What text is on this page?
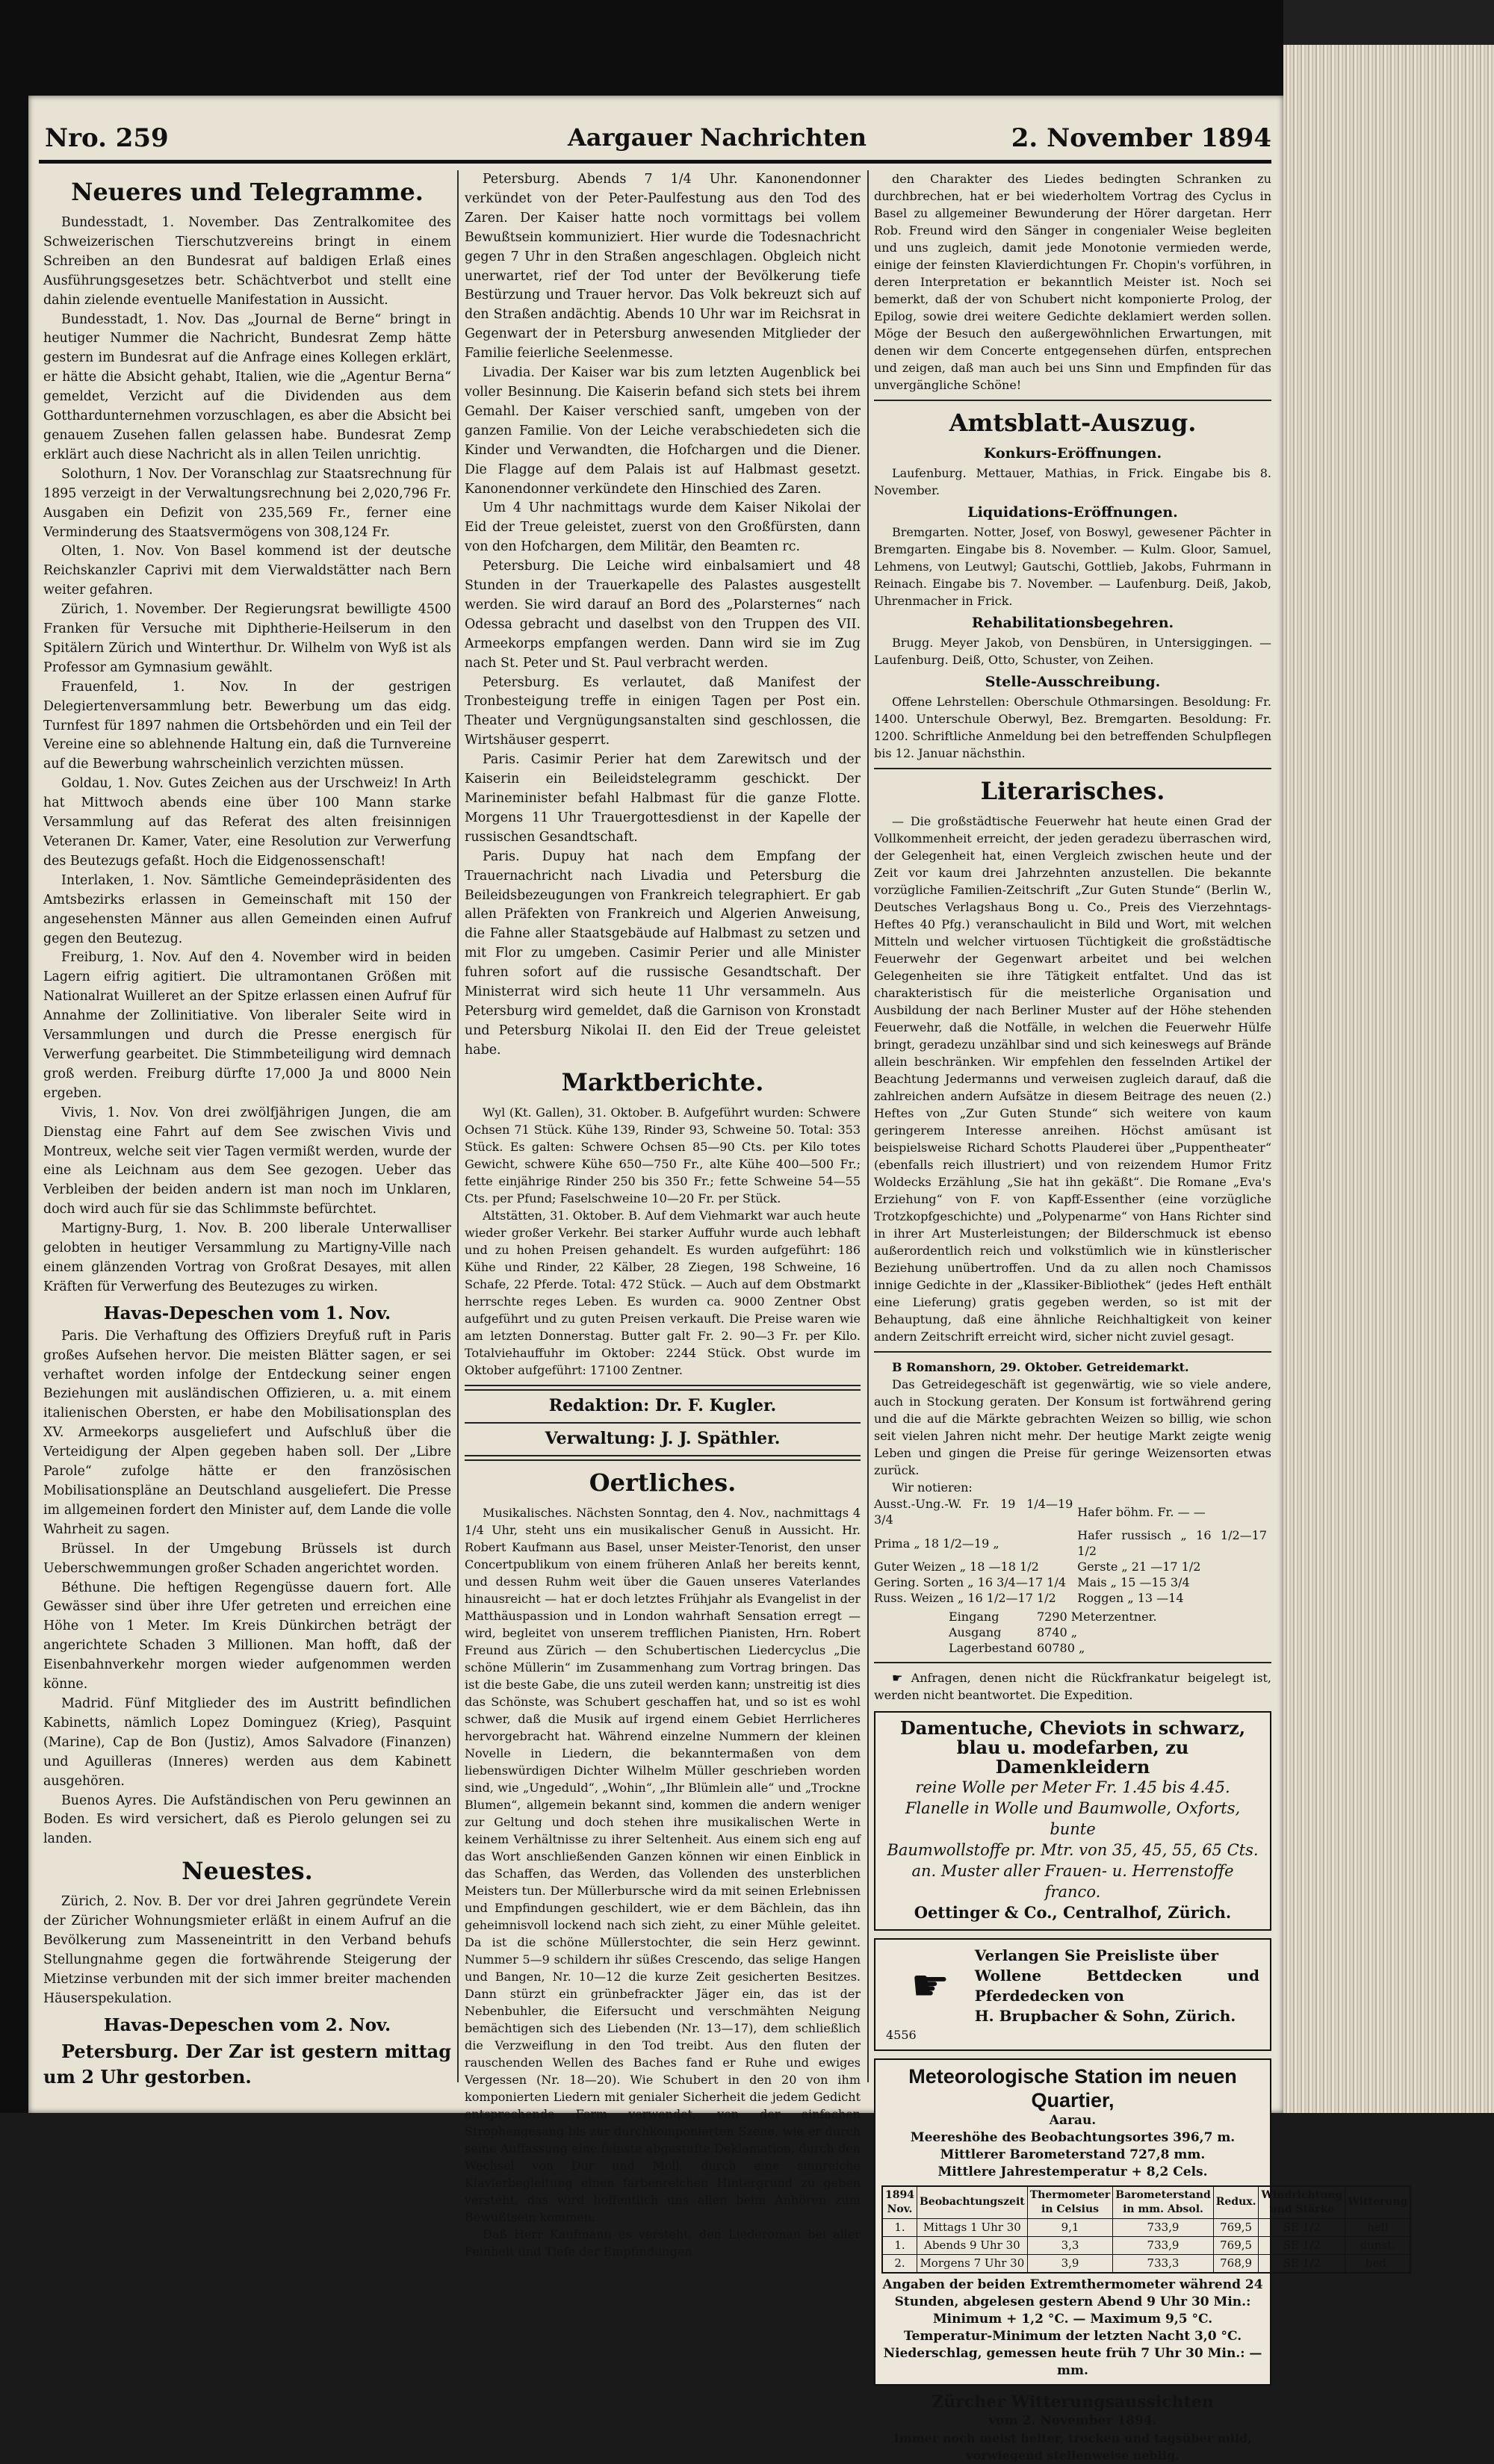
Nro. 259	Aargauer Nachrichten	2. November 1894
Neueres und Telegramme.

Bundesstadt, 1. November. Das Zentralkomitee des Schweizerischen Tierschutzvereins bringt in einem Schreiben an den Bundesrat auf baldigen Erlaß eines Ausführungsgesetzes betr. Schächtverbot und stellt eine dahin zielende eventuelle Manifestation in Aussicht.

Bundesstadt, 1. Nov. Das „Journal de Berne“ bringt in heutiger Nummer die Nachricht, Bundesrat Zemp hätte gestern im Bundesrat auf die Anfrage eines Kollegen erklärt, er hätte die Absicht gehabt, Italien, wie die „Agentur Berna“ gemeldet, Verzicht auf die Dividenden aus dem Gotthardunternehmen vorzuschlagen, es aber die Absicht bei genauem Zusehen fallen gelassen habe. Bundesrat Zemp erklärt auch diese Nachricht als in allen Teilen unrichtig.

Solothurn, 1 Nov. Der Voranschlag zur Staatsrechnung für 1895 verzeigt in der Verwaltungsrechnung bei 2,020,796 Fr. Ausgaben ein Defizit von 235,569 Fr., ferner eine Verminderung des Staatsvermögens von 308,124 Fr.

Olten, 1. Nov. Von Basel kommend ist der deutsche Reichskanzler Caprivi mit dem Vierwaldstätter nach Bern weiter gefahren.

Zürich, 1. November. Der Regierungsrat bewilligte 4500 Franken für Versuche mit Diphtherie-Heilserum in den Spitälern Zürich und Winterthur. Dr. Wilhelm von Wyß ist als Professor am Gymnasium gewählt.

Frauenfeld, 1. Nov. In der gestrigen Delegiertenversammlung betr. Bewerbung um das eidg. Turnfest für 1897 nahmen die Ortsbehörden und ein Teil der Vereine eine so ablehnende Haltung ein, daß die Turnvereine auf die Bewerbung wahrscheinlich verzichten müssen.

Goldau, 1. Nov. Gutes Zeichen aus der Urschweiz! In Arth hat Mittwoch abends eine über 100 Mann starke Versammlung auf das Referat des alten freisinnigen Veteranen Dr. Kamer, Vater, eine Resolution zur Verwerfung des Beutezugs gefaßt. Hoch die Eidgenossenschaft!

Interlaken, 1. Nov. Sämtliche Gemeindepräsidenten des Amtsbezirks erlassen in Gemeinschaft mit 150 der angesehensten Männer aus allen Gemeinden einen Aufruf gegen den Beutezug.

Freiburg, 1. Nov. Auf den 4. November wird in beiden Lagern eifrig agitiert. Die ultramontanen Größen mit Nationalrat Wuilleret an der Spitze erlassen einen Aufruf für Annahme der Zollinitiative. Von liberaler Seite wird in Versammlungen und durch die Presse energisch für Verwerfung gearbeitet. Die Stimmbeteiligung wird demnach groß werden. Freiburg dürfte 17,000 Ja und 8000 Nein ergeben.

Vivis, 1. Nov. Von drei zwölfjährigen Jungen, die am Dienstag eine Fahrt auf dem See zwischen Vivis und Montreux, welche seit vier Tagen vermißt werden, wurde der eine als Leichnam aus dem See gezogen. Ueber das Verbleiben der beiden andern ist man noch im Unklaren, doch wird auch für sie das Schlimmste befürchtet.

Martigny-Burg, 1. Nov. B. 200 liberale Unterwalliser gelobten in heutiger Versammlung zu Martigny-Ville nach einem glänzenden Vortrag von Großrat Desayes, mit allen Kräften für Verwerfung des Beutezuges zu wirken.

Havas-Depeschen vom 1. Nov.

Paris. Die Verhaftung des Offiziers Dreyfuß ruft in Paris großes Aufsehen hervor. Die meisten Blätter sagen, er sei verhaftet worden infolge der Entdeckung seiner engen Beziehungen mit ausländischen Offizieren, u. a. mit einem italienischen Obersten, er habe den Mobilisationsplan des XV. Armeekorps ausgeliefert und Aufschluß über die Verteidigung der Alpen gegeben haben soll. Der „Libre Parole“ zufolge hätte er den französischen Mobilisationspläne an Deutschland ausgeliefert. Die Presse im allgemeinen fordert den Minister auf, dem Lande die volle Wahrheit zu sagen.

Brüssel. In der Umgebung Brüssels ist durch Ueberschwemmungen großer Schaden angerichtet worden.

Béthune. Die heftigen Regengüsse dauern fort. Alle Gewässer sind über ihre Ufer getreten und erreichen eine Höhe von 1 Meter. Im Kreis Dünkirchen beträgt der angerichtete Schaden 3 Millionen. Man hofft, daß der Eisenbahnverkehr morgen wieder aufgenommen werden könne.

Madrid. Fünf Mitglieder des im Austritt befindlichen Kabinetts, nämlich Lopez Dominguez (Krieg), Pasquint (Marine), Cap de Bon (Justiz), Amos Salvadore (Finanzen) und Aguilleras (Inneres) werden aus dem Kabinett ausgehören.

Buenos Ayres. Die Aufständischen von Peru gewinnen an Boden. Es wird versichert, daß es Pierolo gelungen sei zu landen.

Neuestes.

Zürich, 2. Nov. B. Der vor drei Jahren gegründete Verein der Züricher Wohnungsmieter erläßt in einem Aufruf an die Bevölkerung zum Masseneintritt in den Verband behufs Stellungnahme gegen die fortwährende Steigerung der Mietzinse verbunden mit der sich immer breiter machenden Häuserspekulation.

Havas-Depeschen vom 2. Nov.

Petersburg. Der Zar ist gestern mittag um 2 Uhr gestorben.

Petersburg. Abends 7 1/4 Uhr. Kanonendonner verkündet von der Peter-Paulfestung aus den Tod des Zaren. Der Kaiser hatte noch vormittags bei vollem Bewußtsein kommuniziert. Hier wurde die Todesnachricht gegen 7 Uhr in den Straßen angeschlagen. Obgleich nicht unerwartet, rief der Tod unter der Bevölkerung tiefe Bestürzung und Trauer hervor. Das Volk bekreuzt sich auf den Straßen andächtig. Abends 10 Uhr war im Reichsrat in Gegenwart der in Petersburg anwesenden Mitglieder der Familie feierliche Seelenmesse.

Livadia. Der Kaiser war bis zum letzten Augenblick bei voller Besinnung. Die Kaiserin befand sich stets bei ihrem Gemahl. Der Kaiser verschied sanft, umgeben von der ganzen Familie. Von der Leiche verabschiedeten sich die Kinder und Verwandten, die Hofchargen und die Diener. Die Flagge auf dem Palais ist auf Halbmast gesetzt. Kanonendonner verkündete den Hinschied des Zaren.

Um 4 Uhr nachmittags wurde dem Kaiser Nikolai der Eid der Treue geleistet, zuerst von den Großfürsten, dann von den Hofchargen, dem Militär, den Beamten rc.

Petersburg. Die Leiche wird einbalsamiert und 48 Stunden in der Trauerkapelle des Palastes ausgestellt werden. Sie wird darauf an Bord des „Polarsternes“ nach Odessa gebracht und daselbst von den Truppen des VII. Armeekorps empfangen werden. Dann wird sie im Zug nach St. Peter und St. Paul verbracht werden.

Petersburg. Es verlautet, daß Manifest der Tronbesteigung treffe in einigen Tagen per Post ein. Theater und Vergnügungsanstalten sind geschlossen, die Wirtshäuser gesperrt.

Paris. Casimir Perier hat dem Zarewitsch und der Kaiserin ein Beileidstelegramm geschickt. Der Marineminister befahl Halbmast für die ganze Flotte. Morgens 11 Uhr Trauergottesdienst in der Kapelle der russischen Gesandtschaft.

Paris. Dupuy hat nach dem Empfang der Trauernachricht nach Livadia und Petersburg die Beileidsbezeugungen von Frankreich telegraphiert. Er gab allen Präfekten von Frankreich und Algerien Anweisung, die Fahne aller Staatsgebäude auf Halbmast zu setzen und mit Flor zu umgeben. Casimir Perier und alle Minister fuhren sofort auf die russische Gesandtschaft. Der Ministerrat wird sich heute 11 Uhr versammeln. Aus Petersburg wird gemeldet, daß die Garnison von Kronstadt und Petersburg Nikolai II. den Eid der Treue geleistet habe.

Marktberichte.

Wyl (Kt. Gallen), 31. Oktober. B. Aufgeführt wurden: Schwere Ochsen 71 Stück. Kühe 139, Rinder 93, Schweine 50. Total: 353 Stück. Es galten: Schwere Ochsen 85—90 Cts. per Kilo totes Gewicht, schwere Kühe 650—750 Fr., alte Kühe 400—500 Fr.; fette einjährige Rinder 250 bis 350 Fr.; fette Schweine 54—55 Cts. per Pfund; Faselschweine 10—20 Fr. per Stück.

Altstätten, 31. Oktober. B. Auf dem Viehmarkt war auch heute wieder großer Verkehr. Bei starker Auffuhr wurde auch lebhaft und zu hohen Preisen gehandelt. Es wurden aufgeführt: 186 Kühe und Rinder, 22 Kälber, 28 Ziegen, 198 Schweine, 16 Schafe, 22 Pferde. Total: 472 Stück. — Auch auf dem Obstmarkt herrschte reges Leben. Es wurden ca. 9000 Zentner Obst aufgeführt und zu guten Preisen verkauft. Die Preise waren wie am letzten Donnerstag. Butter galt Fr. 2. 90—3 Fr. per Kilo. Totalviehauffuhr im Oktober: 2244 Stück. Obst wurde im Oktober aufgeführt: 17100 Zentner.

Redaktion: Dr. F. Kugler.

Verwaltung: J. J. Späthler.

Oertliches.

Musikalisches. Nächsten Sonntag, den 4. Nov., nachmittags 4 1/4 Uhr, steht uns ein musikalischer Genuß in Aussicht. Hr. Robert Kaufmann aus Basel, unser Meister-Tenorist, den unser Concertpublikum von einem früheren Anlaß her bereits kennt, und dessen Ruhm weit über die Gauen unseres Vaterlandes hinausreicht — hat er doch letztes Frühjahr als Evangelist in der Matthäuspassion und in London wahrhaft Sensation erregt — wird, begleitet von unserem trefflichen Pianisten, Hrn. Robert Freund aus Zürich — den Schubertischen Liedercyclus „Die schöne Müllerin“ im Zusammenhang zum Vortrag bringen. Das ist die beste Gabe, die uns zuteil werden kann; unstreitig ist dies das Schönste, was Schubert geschaffen hat, und so ist es wohl schwer, daß die Musik auf irgend einem Gebiet Herrlicheres hervorgebracht hat. Während einzelne Nummern der kleinen Novelle in Liedern, die bekanntermaßen von dem liebenswürdigen Dichter Wilhelm Müller geschrieben worden sind, wie „Ungeduld“, „Wohin“, „Ihr Blümlein alle“ und „Trockne Blumen“, allgemein bekannt sind, kommen die andern weniger zur Geltung und doch stehen ihre musikalischen Werte in keinem Verhältnisse zu ihrer Seltenheit. Aus einem sich eng auf das Wort anschließenden Ganzen können wir einen Einblick in das Schaffen, das Werden, das Vollenden des unsterblichen Meisters tun. Der Müllerbursche wird da mit seinen Erlebnissen und Empfindungen geschildert, wie er dem Bächlein, das ihn geheimnisvoll lockend nach sich zieht, zu einer Mühle geleitet. Da ist die schöne Müllerstochter, die sein Herz gewinnt. Nummer 5—9 schildern ihr süßes Crescendo, das selige Hangen und Bangen, Nr. 10—12 die kurze Zeit gesicherten Besitzes. Dann stürzt ein grünbefrackter Jäger ein, das ist der Nebenbuhler, die Eifersucht und verschmähten Neigung bemächtigen sich des Liebenden (Nr. 13—17), dem schließlich die Verzweiflung in den Tod treibt. Aus den fluten der rauschenden Wellen des Baches fand er Ruhe und ewiges Vergessen (Nr. 18—20). Wie Schubert in den 20 von ihm komponierten Liedern mit genialer Sicherheit die jedem Gedicht entsprechende Form verwendet, von der einfachen Strophengesang bis zur durchkomponierten Szene, wie er durch seine Auffassung eine feinste abgestufte Deklamation, durch den Wechsel von Dur und Moll, durch eine sinnreiche Klavierbegleitung einen farbenreichen Hintergrund zu geben versteht, das wird hoffentlich uns allen beim Anhören zum Bewußtsein kommen.

Daß Herr Kaufmann es versteht, den Liederoman bei aller Feinheit und Tiefe der Empfindungen

den Charakter des Liedes bedingten Schranken zu durchbrechen, hat er bei wiederholtem Vortrag des Cyclus in Basel zu allgemeiner Bewunderung der Hörer dargetan. Herr Rob. Freund wird den Sänger in congenialer Weise begleiten und uns zugleich, damit jede Monotonie vermieden werde, einige der feinsten Klavierdichtungen Fr. Chopin's vorführen, in deren Interpretation er bekanntlich Meister ist. Noch sei bemerkt, daß der von Schubert nicht komponierte Prolog, der Epilog, sowie drei weitere Gedichte deklamiert werden sollen. Möge der Besuch den außergewöhnlichen Erwartungen, mit denen wir dem Concerte entgegensehen dürfen, entsprechen und zeigen, daß man auch bei uns Sinn und Empfinden für das unvergängliche Schöne!

Amtsblatt-Auszug.
Konkurs-Eröffnungen.

Laufenburg. Mettauer, Mathias, in Frick. Eingabe bis 8. November.

Liquidations-Eröffnungen.

Bremgarten. Notter, Josef, von Boswyl, gewesener Pächter in Bremgarten. Eingabe bis 8. November. — Kulm. Gloor, Samuel, Lehmens, von Leutwyl; Gautschi, Gottlieb, Jakobs, Fuhrmann in Reinach. Eingabe bis 7. November. — Laufenburg. Deiß, Jakob, Uhrenmacher in Frick.

Rehabilitationsbegehren.

Brugg. Meyer Jakob, von Densbüren, in Untersiggingen. — Laufenburg. Deiß, Otto, Schuster, von Zeihen.

Stelle-Ausschreibung.

Offene Lehrstellen: Oberschule Othmarsingen. Besoldung: Fr. 1400. Unterschule Oberwyl, Bez. Bremgarten. Besoldung: Fr. 1200. Schriftliche Anmeldung bei den betreffenden Schulpflegen bis 12. Januar nächsthin.

Literarisches.

— Die großstädtische Feuerwehr hat heute einen Grad der Vollkommenheit erreicht, der jeden geradezu überraschen wird, der Gelegenheit hat, einen Vergleich zwischen heute und der Zeit vor kaum drei Jahrzehnten anzustellen. Die bekannte vorzügliche Familien-Zeitschrift „Zur Guten Stunde“ (Berlin W., Deutsches Verlagshaus Bong u. Co., Preis des Vierzehntags-Heftes 40 Pfg.) veranschaulicht in Bild und Wort, mit welchen Mitteln und welcher virtuosen Tüchtigkeit die großstädtische Feuerwehr der Gegenwart arbeitet und bei welchen Gelegenheiten sie ihre Tätigkeit entfaltet. Und das ist charakteristisch für die meisterliche Organisation und Ausbildung der nach Berliner Muster auf der Höhe stehenden Feuerwehr, daß die Notfälle, in welchen die Feuerwehr Hülfe bringt, geradezu unzählbar sind und sich keineswegs auf Brände allein beschränken. Wir empfehlen den fesselnden Artikel der Beachtung Jedermanns und verweisen zugleich darauf, daß die zahlreichen andern Aufsätze in diesem Beitrage des neuen (2.) Heftes von „Zur Guten Stunde“ sich weitere von kaum geringerem Interesse anreihen. Höchst amüsant ist beispielsweise Richard Schotts Plauderei über „Puppentheater“ (ebenfalls reich illustriert) und von reizendem Humor Fritz Woldecks Erzählung „Sie hat ihn gekäßt“. Die Romane „Eva's Erziehung“ von F. von Kapff-Essenther (eine vorzügliche Trotzkopfgeschichte) und „Polypenarme“ von Hans Richter sind in ihrer Art Musterleistungen; der Bilderschmuck ist ebenso außerordentlich reich und volkstümlich wie in künstlerischer Beziehung unübertroffen. Und da zu allen noch Chamissos innige Gedichte in der „Klassiker-Bibliothek“ (jedes Heft enthält eine Lieferung) gratis gegeben werden, so ist mit der Behauptung, daß eine ähnliche Reichhaltigkeit von keiner andern Zeitschrift erreicht wird, sicher nicht zuviel gesagt.

B Romanshorn, 29. Oktober. Getreidemarkt.

Das Getreidegeschäft ist gegenwärtig, wie so viele andere, auch in Stockung geraten. Der Konsum ist fortwährend gering und die auf die Märkte gebrachten Weizen so billig, wie schon seit vielen Jahren nicht mehr. Der heutige Markt zeigte wenig Leben und gingen die Preise für geringe Weizensorten etwas zurück.

Wir notieren:

Ausst.-Ung.-W. Fr. 19 1/4—19 3/4	Hafer böhm. Fr. — —
Prima „ 18 1/2—19 „	Hafer russisch „ 16 1/2—17 1/2
Guter Weizen „ 18 —18 1/2	Gerste „ 21 —17 1/2
Gering. Sorten „ 16 3/4—17 1/4	Mais „ 15 —15 3/4
Russ. Weizen „ 16 1/2—17 1/2	Roggen „ 13 —14
Eingang	7290 Meterzentner.
Ausgang	8740 „
Lagerbestand	60780 „

☛ Anfragen, denen nicht die Rückfrankatur beigelegt ist, werden nicht beantwortet. Die Expedition.

Damentuche, Cheviots in schwarz, blau u. modefarben, zu Damenkleidern
reine Wolle per Meter Fr. 1.45 bis 4.45.
Flanelle in Wolle und Baumwolle, Oxforts, bunte
Baumwollstoffe pr. Mtr. von 35, 45, 55, 65 Cts.
an. Muster aller Frauen- u. Herrenstoffe franco.
Oettinger & Co., Centralhof, Zürich.
☛
Verlangen Sie Preisliste über
Wollene Bettdecken und Pferdedecken von
H. Brupbacher & Sohn, Zürich.
4556
Meteorologische Station im neuen Quartier,
Aarau.
Meereshöhe des Beobachtungsortes 396,7 m.
Mittlerer Barometerstand 727,8 mm.
Mittlere Jahrestemperatur + 8,2 Cels.
1894 Nov.	Beobachtungszeit	Thermometer in Celsius	Barometerstand in mm. Absol.	Redux.	Windrichtung und Stärke	Witterung
1.	Mittags 1 Uhr 30	9,1	733,9	769,5	SE 1/2	hell
1.	Abends 9 Uhr 30	3,3	733,9	769,5	SE 1/2	dunst.
2.	Morgens 7 Uhr 30	3,9	733,3	768,9	SE 1/2	bed.
Angaben der beiden Extremthermometer während 24 Stunden, abgelesen gestern Abend 9 Uhr 30 Min.:
Minimum + 1,2 °C. — Maximum 9,5 °C.
Temperatur-Minimum der letzten Nacht 3,0 °C.
Niederschlag, gemessen heute früh 7 Uhr 30 Min.: — mm.
Zürcher Witterungsaussichten
vom 2. November 1894.

Immer noch meist heiter, trocken und tagsüber mild, vorwiegend stellenweise neblig.
